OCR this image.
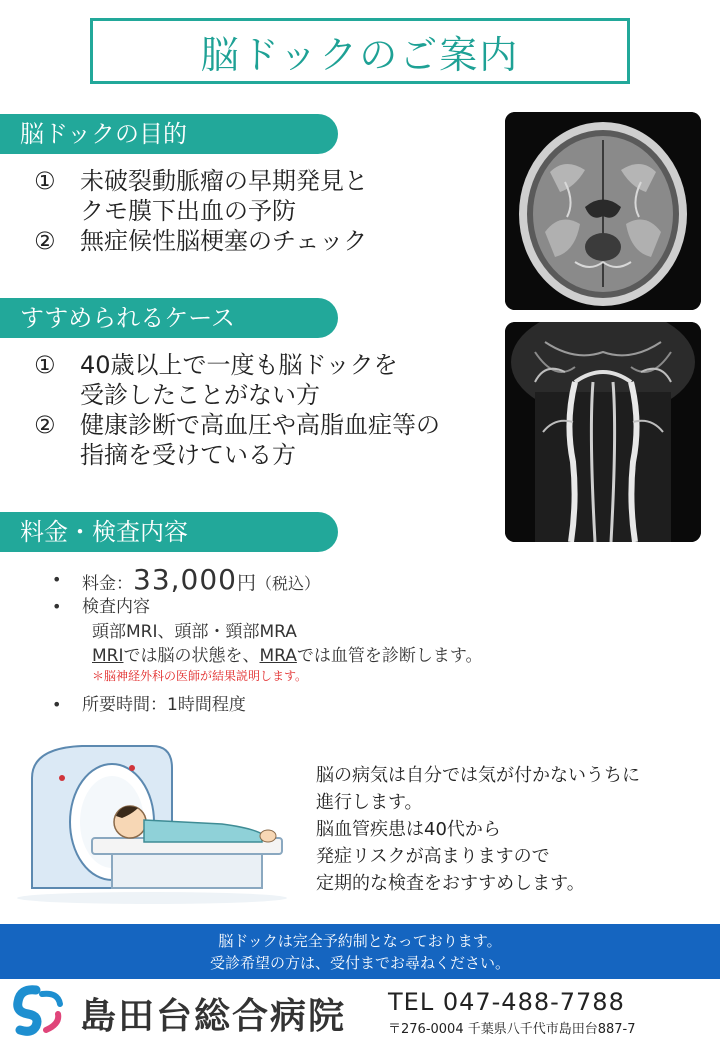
脳ドックのご案内
脳ドックの目的
①	未破裂動脈瘤の早期発見と
クモ膜下出血の予防
②	無症候性脳梗塞のチェック
すすめられるケース
①	40歳以上で一度も脳ドックを
受診したことがない方
②	健康診断で高血圧や高脂血症等の
指摘を受けている方
料金・検査内容
• 料金：33,000円（税込）
• 検査内容
頭部MRI、頭部・頸部MRA
MRIでは脳の状態を、MRAでは血管を診断します。
＊脳神経外科の医師が結果説明します。
• 所要時間：1時間程度
脳の病気は自分では気が付かないうちに
進行します。
脳血管疾患は40代から
発症リスクが高まりますので
定期的な検査をおすすめします。
脳ドックは完全予約制となっております。
受診希望の方は、受付までお尋ねください。
島田台総合病院 TEL 047-488-7788
〒276-0004 千葉県八千代市島田台887-7
